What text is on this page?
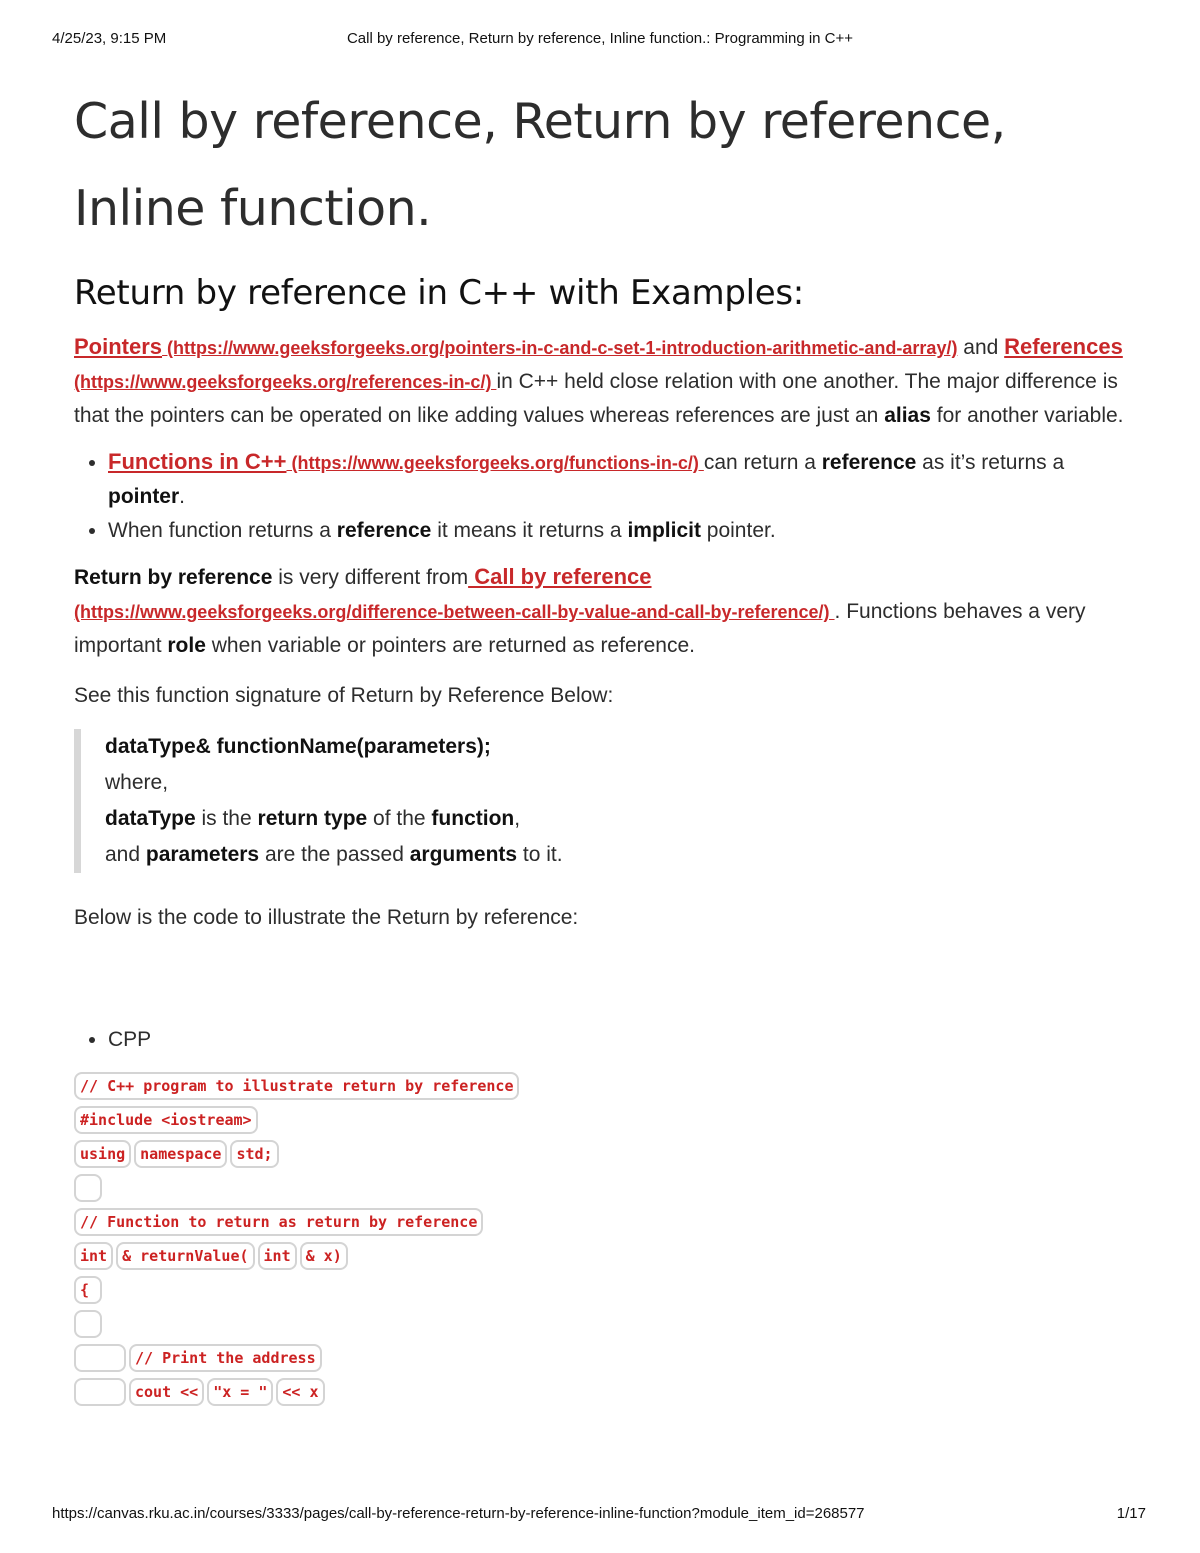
4/25/23, 9:15 PM	Call by reference, Return by reference, Inline function.: Programming in C++
Call by reference, Return by reference,
Inline function.
Return by reference in C++ with Examples:

Pointers (https://www.geeksforgeeks.org/pointers-in-c-and-c-set-1-introduction-arithmetic-and-array/) and References (https://www.geeksforgeeks.org/references-in-c/) in C++ held close relation with one another. The major difference is that the pointers can be operated on like adding values whereas references are just an alias for another variable.

• Functions in C++ (https://www.geeksforgeeks.org/functions-in-c/) can return a reference as it’s returns a pointer.
• When function returns a reference it means it returns a implicit pointer.

Return by reference is very different from Call by reference
(https://www.geeksforgeeks.org/difference-between-call-by-value-and-call-by-reference/) . Functions behaves a very important role when variable or pointers are returned as reference.

See this function signature of Return by Reference Below:

dataType& functionName(parameters);
where,
dataType is the return type of the function,
and parameters are the passed arguments to it.

Below is the code to illustrate the Return by reference:

• CPP
// C++ program to illustrate return by reference
#include <iostream>
using	namespace	std;
// Function to return as return by reference
int	& returnValue(	int	& x)
{
// Print the address
cout <<	"x = "	<< x
https://canvas.rku.ac.in/courses/3333/pages/call-by-reference-return-by-reference-inline-function?module_item_id=268577	1/17
